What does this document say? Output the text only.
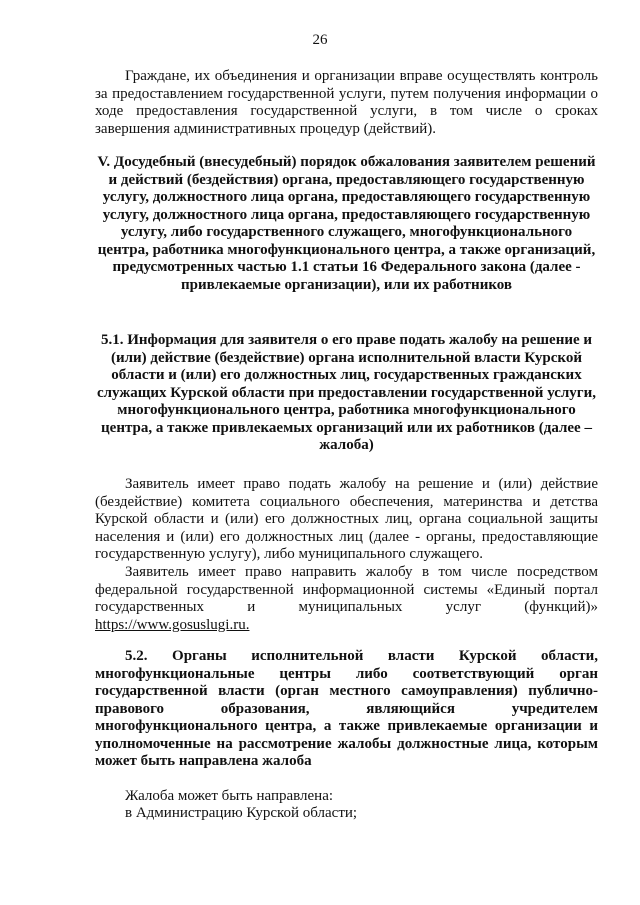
26

Граждане, их объединения и организации вправе осуществлять контроль за предоставлением государственной услуги, путем получения информации о ходе предоставления государственной услуги, в том числе о сроках завершения административных процедур (действий).

V. Досудебный (внесудебный) порядок обжалования заявителем решений и действий (бездействия) органа, предоставляющего государственную услугу, должностного лица органа, предоставляющего государственную услугу, должностного лица органа, предоставляющего государственную услугу, либо государственного служащего, многофункционального центра, работника многофункционального центра, а также организаций, предусмотренных частью 1.1 статьи 16 Федерального закона (далее - привлекаемые организации), или их работников

5.1. Информация для заявителя о его праве подать жалобу на решение и (или) действие (бездействие) органа исполнительной власти Курской области и (или) его должностных лиц, государственных гражданских служащих Курской области при предоставлении государственной услуги, многофункционального центра, работника многофункционального центра, а также привлекаемых организаций или их работников (далее – жалоба)

Заявитель имеет право подать жалобу на решение и (или) действие (бездействие) комитета социального обеспечения, материнства и детства Курской области и (или) его должностных лиц, органа социальной защиты населения и (или) его должностных лиц (далее - органы, предоставляющие государственную услугу), либо муниципального служащего.

Заявитель имеет право направить жалобу в том числе посредством федеральной государственной информационной системы «Единый портал государственных и муниципальных услуг (функций)» https://www.gosuslugi.ru.

5.2. Органы исполнительной власти Курской области, многофункциональные центры либо соответствующий орган государственной власти (орган местного самоуправления) публично-правового образования, являющийся учредителем многофункционального центра, а также привлекаемые организации и уполномоченные на рассмотрение жалобы должностные лица, которым может быть направлена жалоба

Жалоба может быть направлена:

в Администрацию Курской области;
